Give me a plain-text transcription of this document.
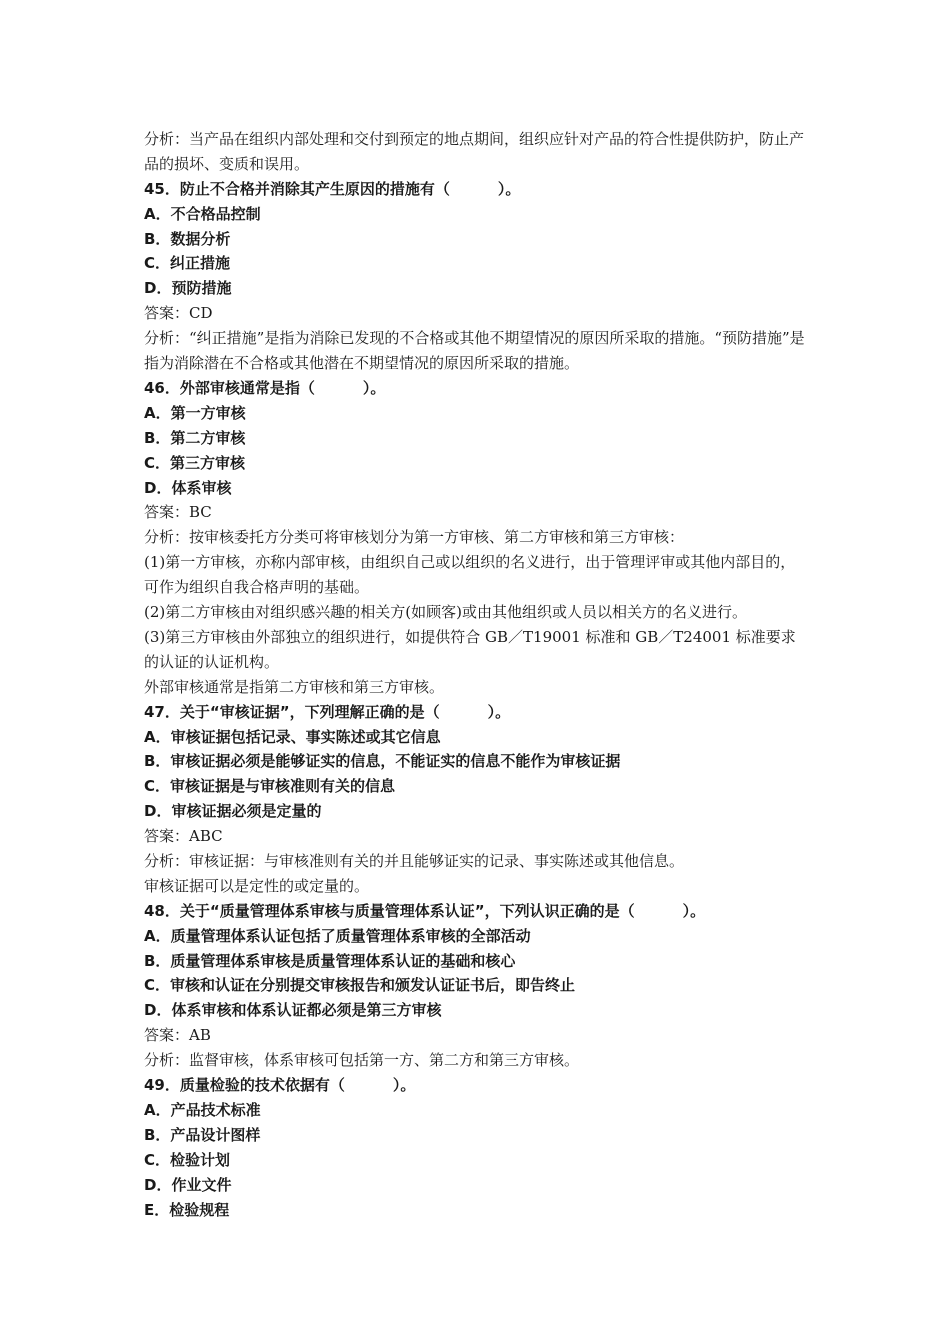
分析：当产品在组织内部处理和交付到预定的地点期间，组织应针对产品的符合性提供防护，防止产品的损坏、变质和误用。
45．防止不合格并消除其产生原因的措施有（	）。
A．不合格品控制
B．数据分析
C．纠正措施
D．预防措施
答案：CD
分析：“纠正措施”是指为消除已发现的不合格或其他不期望情况的原因所采取的措施。“预防措施”是指为消除潜在不合格或其他潜在不期望情况的原因所采取的措施。
46．外部审核通常是指（	）。
A．第一方审核
B．第二方审核
C．第三方审核
D．体系审核
答案：BC
分析：按审核委托方分类可将审核划分为第一方审核、第二方审核和第三方审核：
(1)第一方审核，亦称内部审核，由组织自己或以组织的名义进行，出于管理评审或其他内部目的，可作为组织自我合格声明的基础。
(2)第二方审核由对组织感兴趣的相关方(如顾客)或由其他组织或人员以相关方的名义进行。
(3)第三方审核由外部独立的组织进行，如提供符合 GB／T19001 标准和 GB／T24001 标准要求的认证的认证机构。
外部审核通常是指第二方审核和第三方审核。
47．关于“审核证据”，下列理解正确的是（	）。
A．审核证据包括记录、事实陈述或其它信息
B．审核证据必须是能够证实的信息，不能证实的信息不能作为审核证据
C．审核证据是与审核准则有关的信息
D．审核证据必须是定量的
答案：ABC
分析：审核证据：与审核准则有关的并且能够证实的记录、事实陈述或其他信息。
审核证据可以是定性的或定量的。
48．关于“质量管理体系审核与质量管理体系认证”，下列认识正确的是（	）。
A．质量管理体系认证包括了质量管理体系审核的全部活动
B．质量管理体系审核是质量管理体系认证的基础和核心
C．审核和认证在分别提交审核报告和颁发认证证书后，即告终止
D．体系审核和体系认证都必须是第三方审核
答案：AB
分析：监督审核，体系审核可包括第一方、第二方和第三方审核。
49．质量检验的技术依据有（	）。
A．产品技术标准
B．产品设计图样
C．检验计划
D．作业文件
E．检验规程
